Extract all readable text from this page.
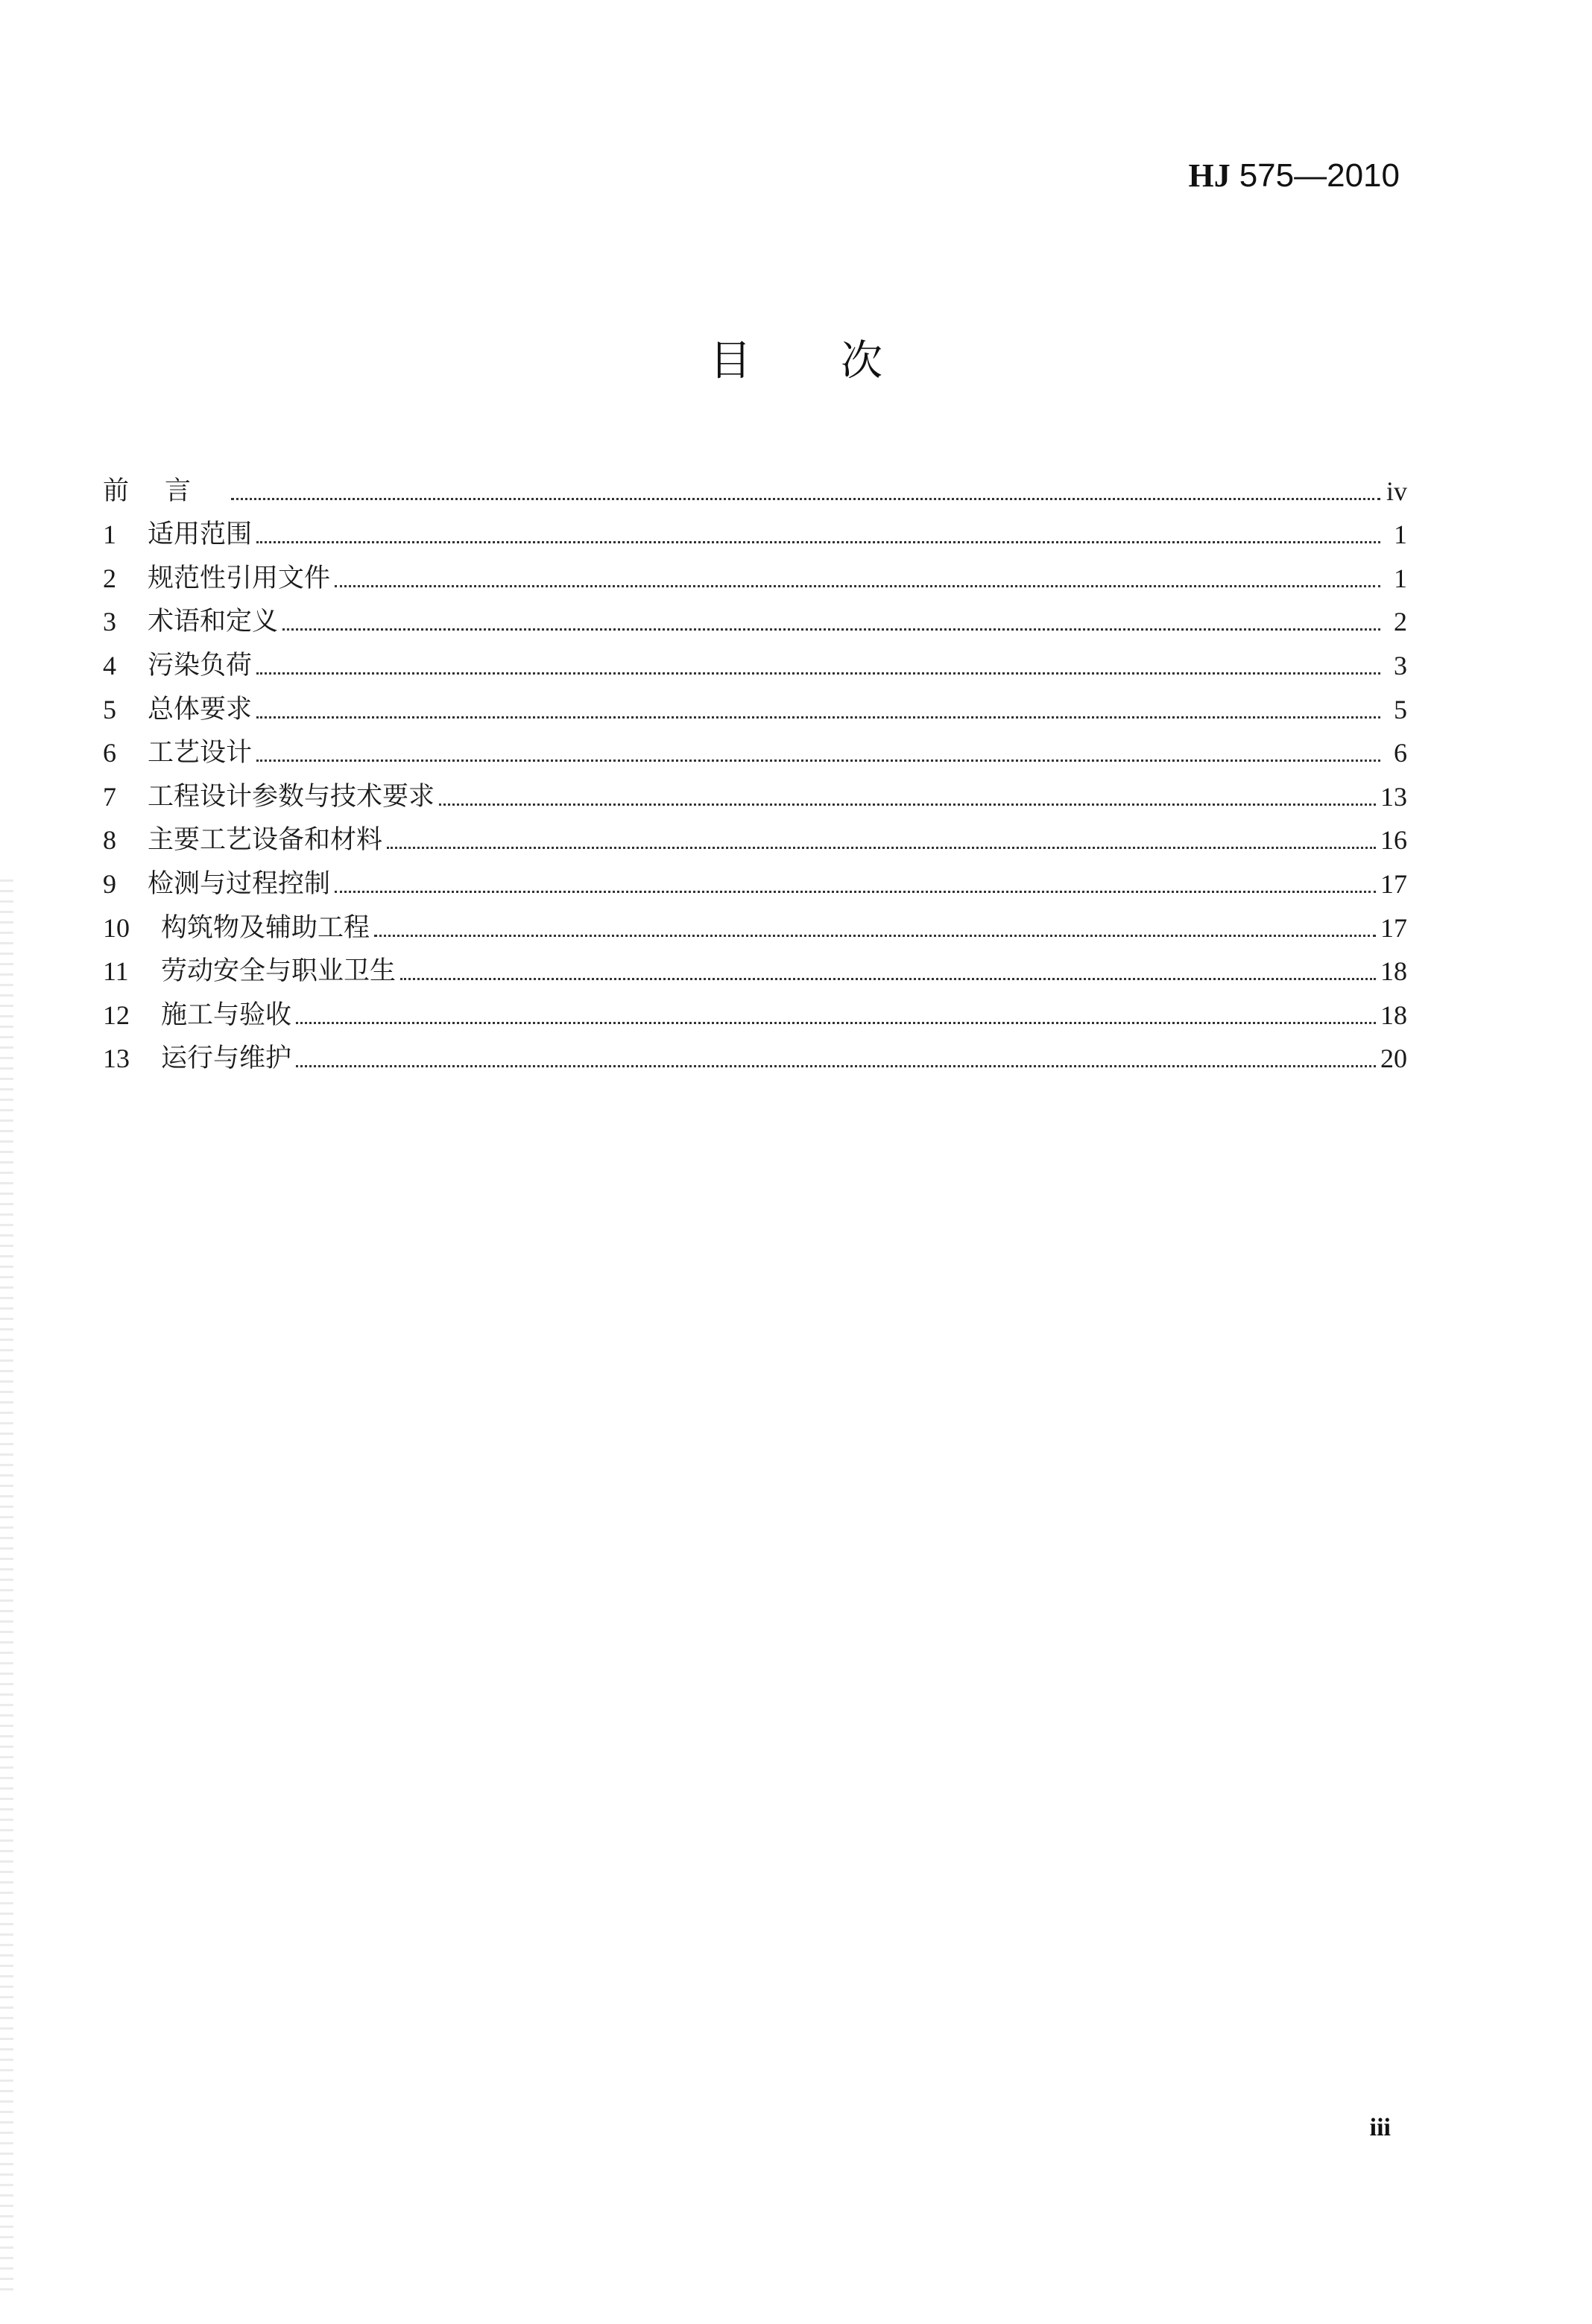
HJ 575—2010
目次
前言	iv
1	适用范围	1
2	规范性引用文件	1
3	术语和定义	2
4	污染负荷	3
5	总体要求	5
6	工艺设计	6
7	工程设计参数与技术要求	13
8	主要工艺设备和材料	16
9	检测与过程控制	17
10	构筑物及辅助工程	17
11	劳动安全与职业卫生	18
12	施工与验收	18
13	运行与维护	20
iii
